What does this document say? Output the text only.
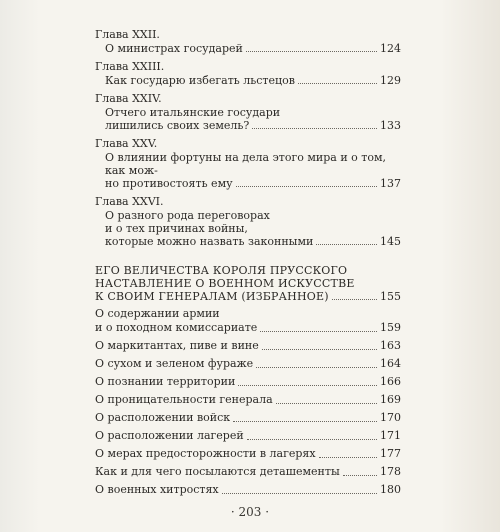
Глава XXII.
О министрах государей	124
Глава XXIII.
Как государю избегать льстецов	129
Глава XXIV.
Отчего итальянские государи
лишились своих земель?	133
Глава XXV.
О влиянии фортуны на дела этого мира и о том, как мож-
но противостоять ему	137
Глава XXVI.
О разного рода переговорах
и о тех причинах войны,
которые можно назвать законными	145
ЕГО ВЕЛИЧЕСТВА КОРОЛЯ ПРУССКОГО
НАСТАВЛЕНИЕ О ВОЕННОМ ИСКУССТВЕ
К СВОИМ ГЕНЕРАЛАМ (ИЗБРАННОЕ)	155
О содержании армии
и о походном комиссариате	159
О маркитантах, пиве и вине	163
О сухом и зеленом фураже	164
О познании территории	166
О проницательности генерала	169
О расположении войск	170
О расположении лагерей	171
О мерах предосторожности в лагерях	177
Как и для чего посылаются деташементы	178
О военных хитростях	180
· 203 ·
